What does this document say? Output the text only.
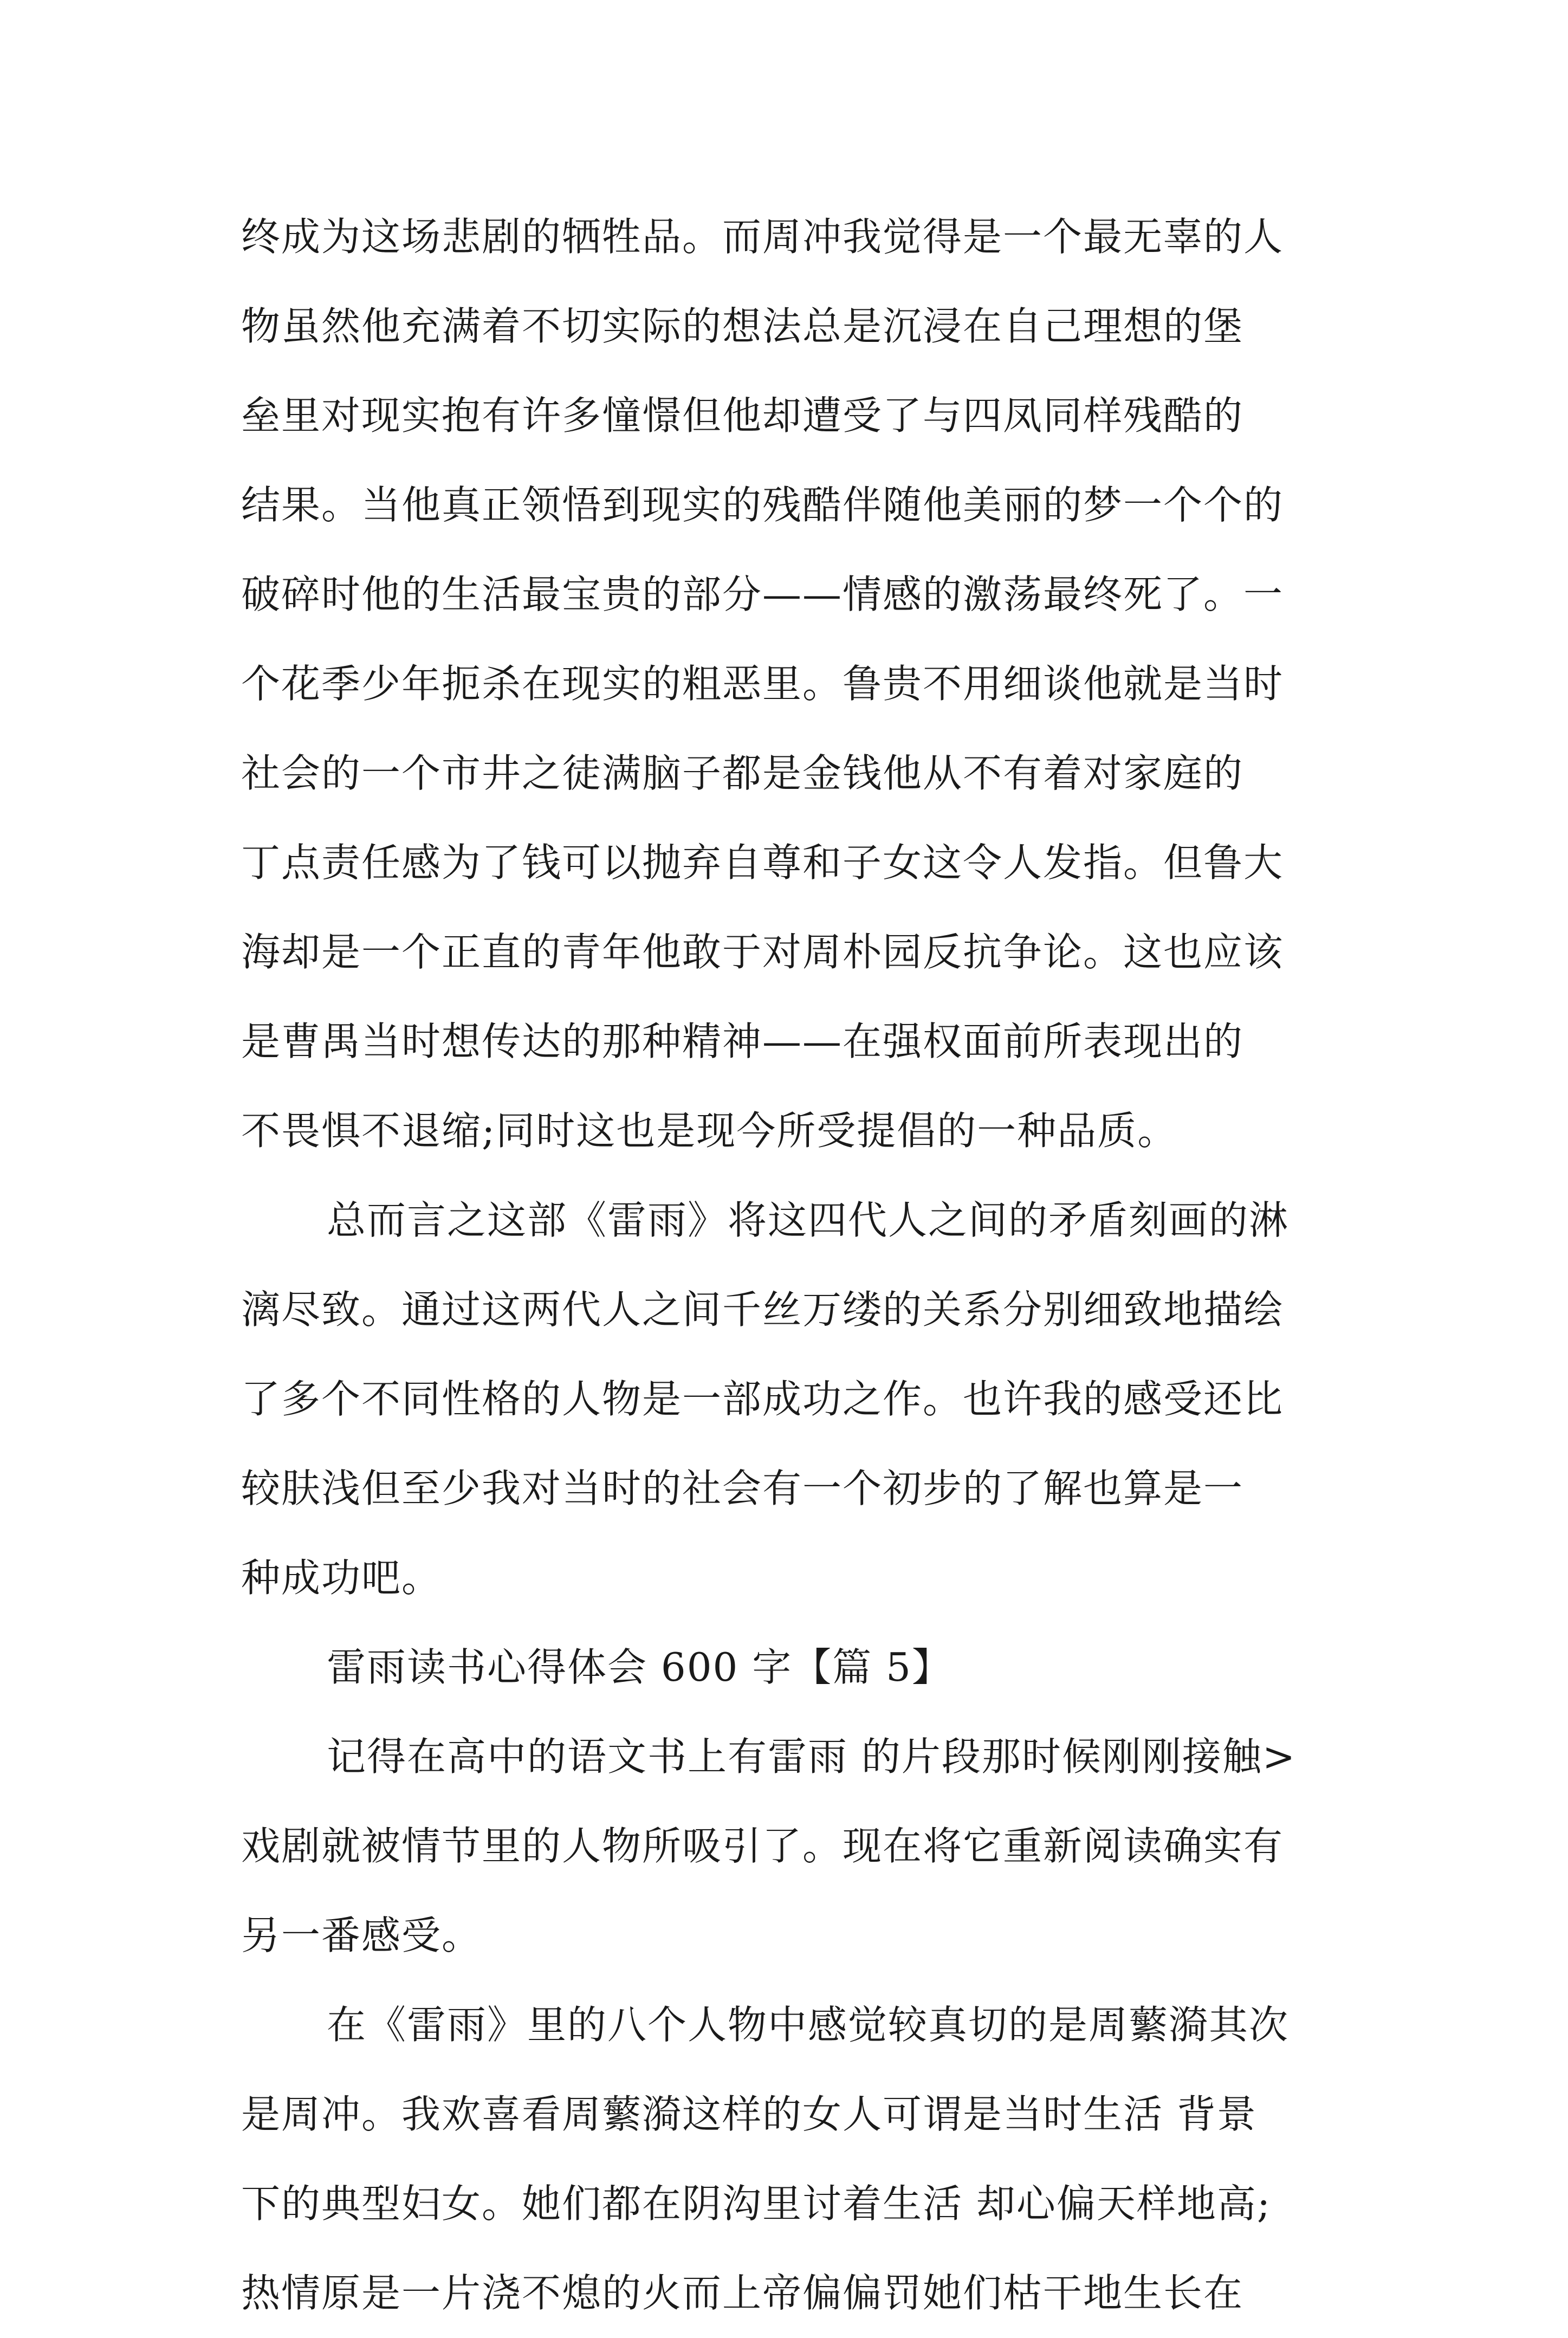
终成为这场悲剧的牺牲品。而周冲我觉得是一个最无辜的人
物虽然他充满着不切实际的想法总是沉浸在自己理想的堡
垒里对现实抱有许多憧憬但他却遭受了与四凤同样残酷的
结果。当他真正领悟到现实的残酷伴随他美丽的梦一个个的
破碎时他的生活最宝贵的部分——情感的激荡最终死了。一
个花季少年扼杀在现实的粗恶里。鲁贵不用细谈他就是当时
社会的一个市井之徒满脑子都是金钱他从不有着对家庭的
丁点责任感为了钱可以抛弃自尊和子女这令人发指。但鲁大
海却是一个正直的青年他敢于对周朴园反抗争论。这也应该
是曹禺当时想传达的那种精神——在强权面前所表现出的
不畏惧不退缩;同时这也是现今所受提倡的一种品质。
总而言之这部《雷雨》将这四代人之间的矛盾刻画的淋
漓尽致。通过这两代人之间千丝万缕的关系分别细致地描绘
了多个不同性格的人物是一部成功之作。也许我的感受还比
较肤浅但至少我对当时的社会有一个初步的了解也算是一
种成功吧。
雷雨读书心得体会 600 字【篇 5】
记得在高中的语文书上有雷雨 的片段那时候刚刚接触>
戏剧就被情节里的人物所吸引了。现在将它重新阅读确实有
另一番感受。
在《雷雨》里的八个人物中感觉较真切的是周蘩漪其次
是周冲。我欢喜看周蘩漪这样的女人可谓是当时生活 背景
下的典型妇女。她们都在阴沟里讨着生活 却心偏天样地高;
热情原是一片浇不熄的火而上帝偏偏罚她们枯干地生长在
